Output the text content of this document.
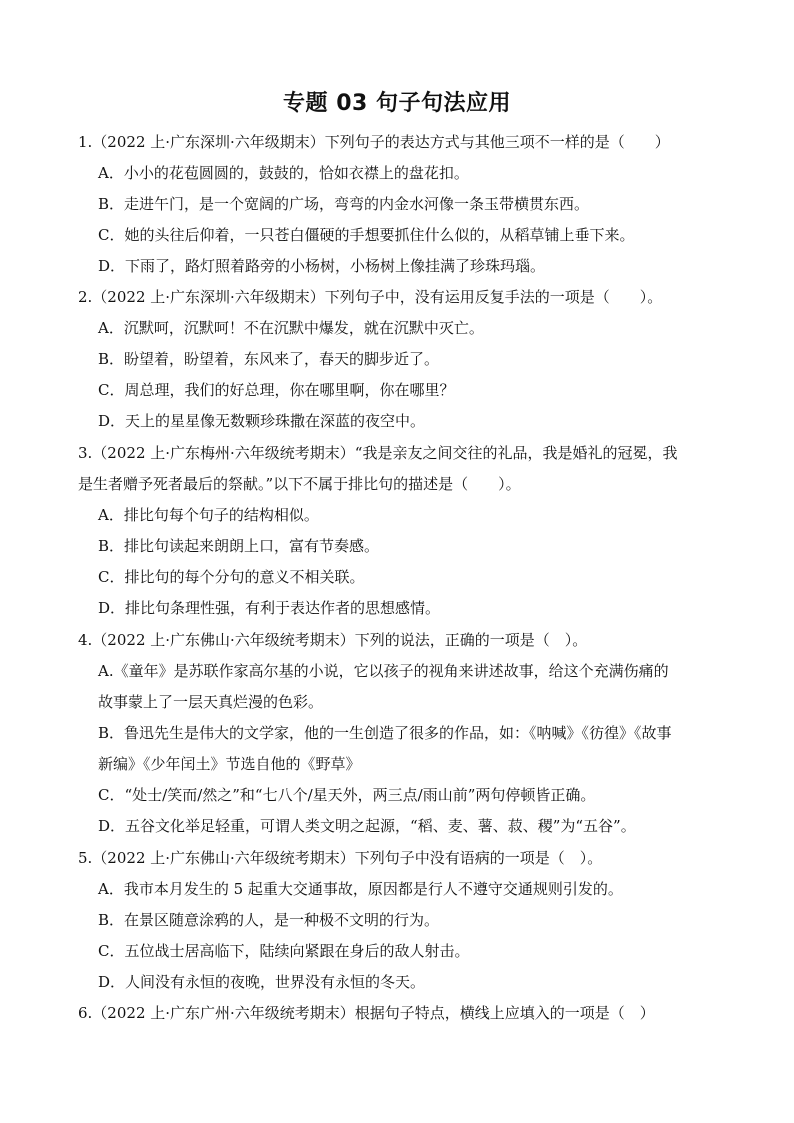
专题 03 句子句法应用
1.（2022 上·广东深圳·六年级期末）下列句子的表达方式与其他三项不一样的是（　　）
A．小小的花苞圆圆的，鼓鼓的，恰如衣襟上的盘花扣。
B．走进午门，是一个宽阔的广场，弯弯的内金水河像一条玉带横贯东西。
C．她的头往后仰着，一只苍白僵硬的手想要抓住什么似的，从稻草铺上垂下来。
D．下雨了，路灯照着路旁的小杨树，小杨树上像挂满了珍珠玛瑙。
2.（2022 上·广东深圳·六年级期末）下列句子中，没有运用反复手法的一项是（　　）。
A．沉默呵，沉默呵！不在沉默中爆发，就在沉默中灭亡。
B．盼望着，盼望着，东风来了，春天的脚步近了。
C．周总理，我们的好总理，你在哪里啊，你在哪里？
D．天上的星星像无数颗珍珠撒在深蓝的夜空中。
3.（2022 上·广东梅州·六年级统考期末）“我是亲友之间交往的礼品，我是婚礼的冠冕，我
是生者赠予死者最后的祭献。”以下不属于排比句的描述是（　　）。
A．排比句每个句子的结构相似。
B．排比句读起来朗朗上口，富有节奏感。
C．排比句的每个分句的意义不相关联。
D．排比句条理性强，有利于表达作者的思想感情。
4.（2022 上·广东佛山·六年级统考期末）下列的说法，正确的一项是（　）。
A.《童年》是苏联作家高尔基的小说，它以孩子的视角来讲述故事，给这个充满伤痛的
故事蒙上了一层天真烂漫的色彩。
B．鲁迅先生是伟大的文学家，他的一生创造了很多的作品，如：《呐喊》《彷徨》《故事
新编》《少年闰土》节选自他的《野草》
C．“处士/笑而/然之”和“七八个/星天外，两三点/雨山前”两句停顿皆正确。
D．五谷文化举足轻重，可谓人类文明之起源，“稻、麦、薯、菽、稷”为“五谷”。
5.（2022 上·广东佛山·六年级统考期末）下列句子中没有语病的一项是（　）。
A．我市本月发生的 5 起重大交通事故，原因都是行人不遵守交通规则引发的。
B．在景区随意涂鸦的人，是一种极不文明的行为。
C．五位战士居高临下，陆续向紧跟在身后的敌人射击。
D．人间没有永恒的夜晚，世界没有永恒的冬天。
6.（2022 上·广东广州·六年级统考期末）根据句子特点，横线上应填入的一项是（　）
